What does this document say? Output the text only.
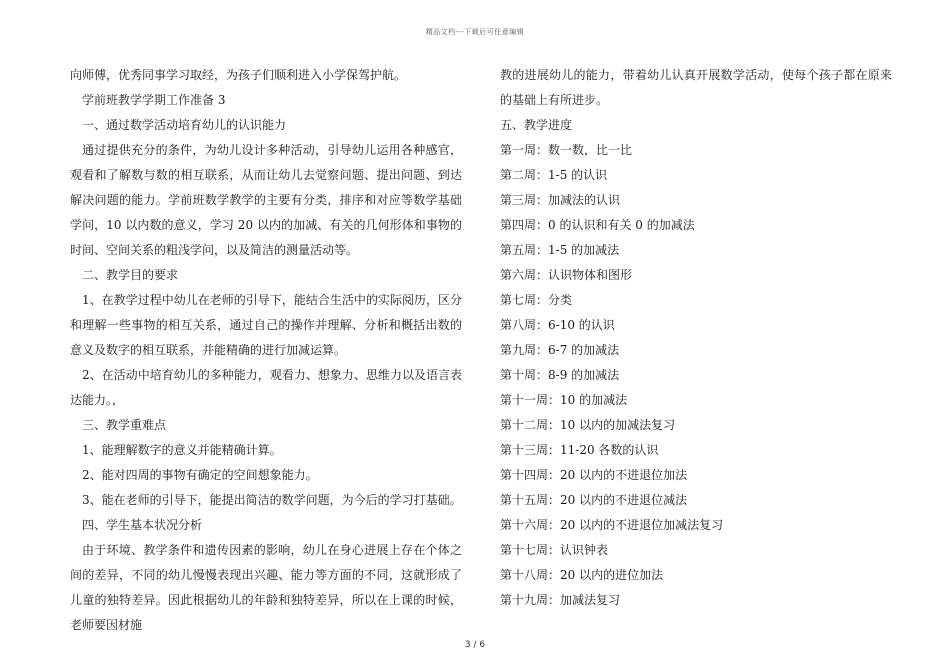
精品文档---下载后可任意编辑

向师傅，优秀同事学习取经，为孩子们顺利进入小学保驾护航。

学前班教学学期工作准备 3

一、通过数学活动培育幼儿的认识能力

通过提供充分的条件，为幼儿设计多种活动，引导幼儿运用各种感官，观看和了解数与数的相互联系，从而让幼儿去觉察问题、提出问题、到达解决问题的能力。学前班数学教学的主要有分类，排序和对应等数学基础学问，10 以内数的意义，学习 20 以内的加减、有关的几何形体和事物的时间、空间关系的粗浅学问，以及简洁的测量活动等。

二、教学目的要求

1、在教学过程中幼儿在老师的引导下，能结合生活中的实际阅历，区分和理解一些事物的相互关系，通过自己的操作并理解、分析和概括出数的意义及数字的相互联系，并能精确的进行加减运算。

2、在活动中培育幼儿的多种能力，观看力、想象力、思维力以及语言表达能力。，

三、教学重难点

1、能理解数字的意义并能精确计算。

2、能对四周的事物有确定的空间想象能力。

3、能在老师的引导下，能提出简洁的数学问题，为今后的学习打基础。

四、学生基本状况分析

由于环境、教学条件和遗传因素的影响，幼儿在身心进展上存在个体之间的差异，不同的幼儿慢慢表现出兴趣、能力等方面的不同，这就形成了儿童的独特差异。因此根据幼儿的年龄和独特差异，所以在上课的时候，老师要因材施

教的进展幼儿的能力，带着幼儿认真开展数学活动，使每个孩子都在原来的基础上有所进步。

五、教学进度

第一周：数一数，比一比

第二周：1-5 的认识

第三周：加减法的认识

第四周：0 的认识和有关 0 的加减法

第五周：1-5 的加减法

第六周：认识物体和图形

第七周：分类

第八周：6-10 的认识

第九周：6-7 的加减法

第十周：8-9 的加减法

第十一周：10 的加减法

第十二周：10 以内的加减法复习

第十三周：11-20 各数的认识

第十四周：20 以内的不进退位加法

第十五周：20 以内的不进退位减法

第十六周：20 以内的不进退位加减法复习

第十七周：认识钟表

第十八周：20 以内的进位加法

第十九周：加减法复习

3 / 6
